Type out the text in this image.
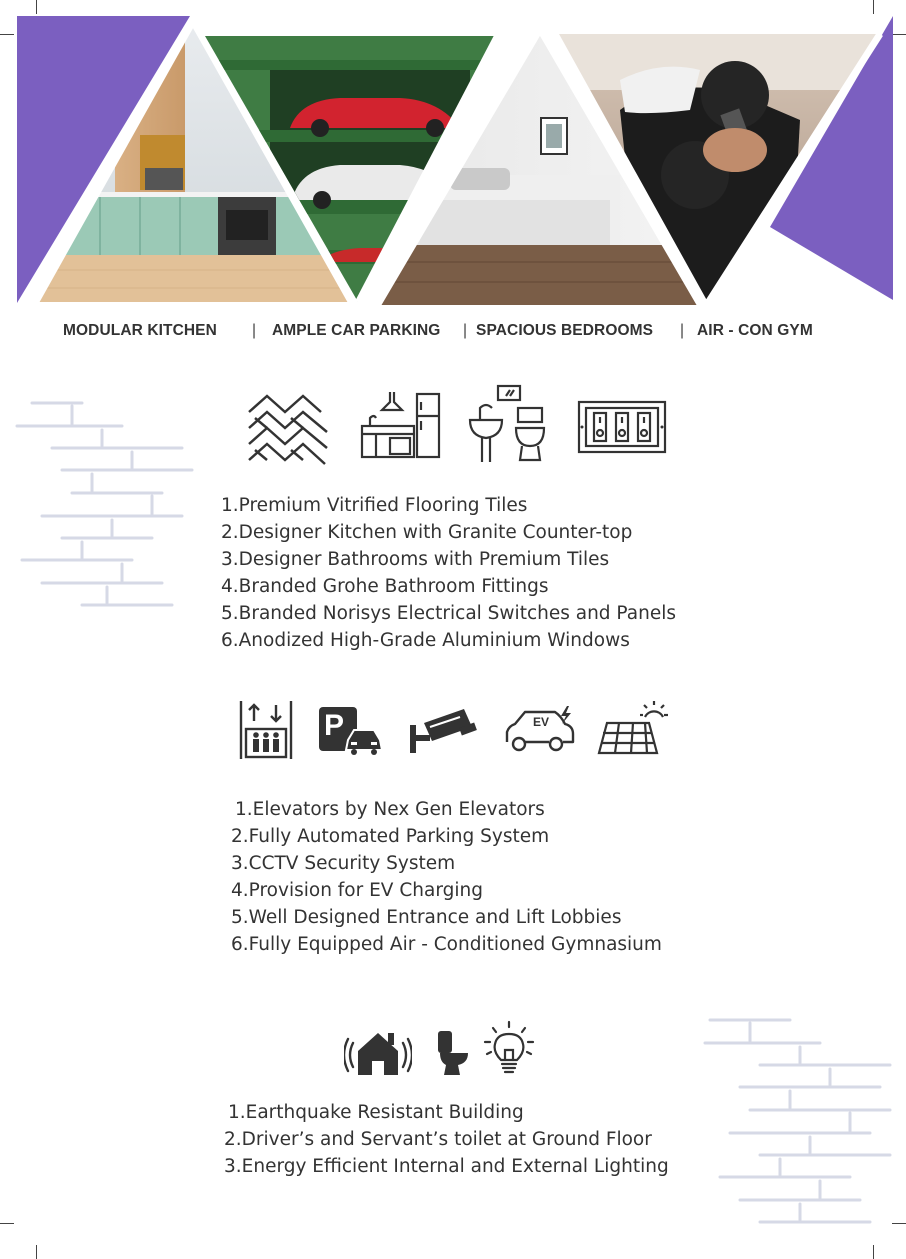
MODULAR KITCHEN | AMPLE CAR PARKING | SPACIOUS BEDROOMS | AIR - CON GYM
1.Premium Vitrified Flooring Tiles
2.Designer Kitchen with Granite Counter-top
3.Designer Bathrooms with Premium Tiles
4.Branded Grohe Bathroom Fittings
5.Branded Norisys Electrical Switches and Panels
6.Anodized High-Grade Aluminium Windows
P	EV
1.Elevators by Nex Gen Elevators
2.Fully Automated Parking System
3.CCTV Security System
4.Provision for EV Charging
5.Well Designed Entrance and Lift Lobbies
6.Fully Equipped Air - Conditioned Gymnasium
1.Earthquake Resistant Building
2.Driver’s and Servant’s toilet at Ground Floor
3.Energy Efficient Internal and External Lighting
